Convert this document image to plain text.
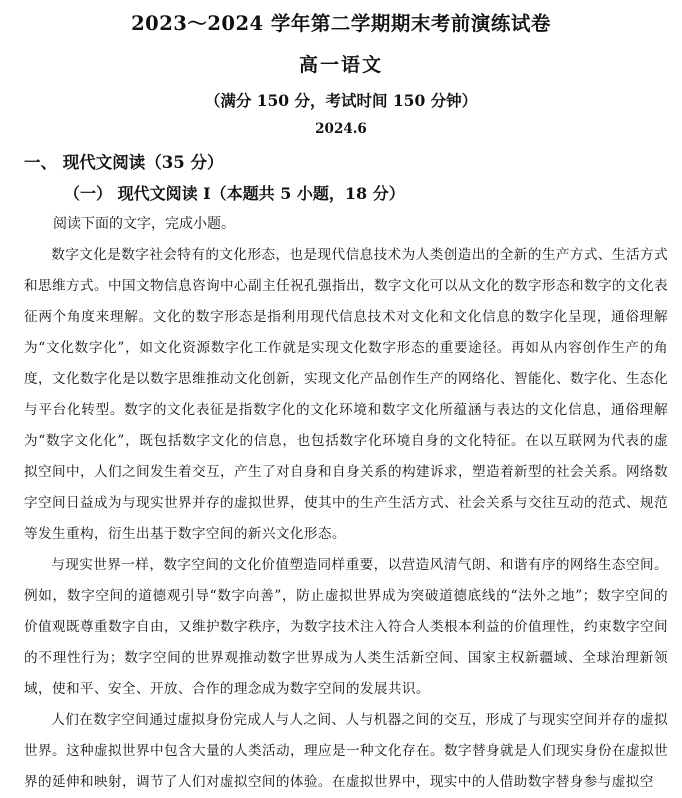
2023～2024 学年第二学期期末考前演练试卷
高一语文
（满分 150 分，考试时间 150 分钟）
2024.6
一、 现代文阅读（35 分）
（一） 现代文阅读 I（本题共 5 小题，18 分）
阅读下面的文字，完成小题。

数字文化是数字社会特有的文化形态，也是现代信息技术为人类创造出的全新的生产方式、生活方式和思维方式。中国文物信息咨询中心副主任祝孔强指出，数字文化可以从文化的数字形态和数字的文化表征两个角度来理解。文化的数字形态是指利用现代信息技术对文化和文化信息的数字化呈现，通俗理解为“文化数字化”，如文化资源数字化工作就是实现文化数字形态的重要途径。再如从内容创作生产的角度，文化数字化是以数字思维推动文化创新，实现文化产品创作生产的网络化、智能化、数字化、生态化与平台化转型。数字的文化表征是指数字化的文化环境和数字文化所蕴涵与表达的文化信息，通俗理解为“数字文化化”，既包括数字文化的信息，也包括数字化环境自身的文化特征。在以互联网为代表的虚拟空间中，人们之间发生着交互，产生了对自身和自身关系的构建诉求，塑造着新型的社会关系。网络数字空间日益成为与现实世界并存的虚拟世界，使其中的生产生活方式、社会关系与交往互动的范式、规范等发生重构，衍生出基于数字空间的新兴文化形态。

与现实世界一样，数字空间的文化价值塑造同样重要，以营造风清气朗、和谐有序的网络生态空间。例如，数字空间的道德观引导“数字向善”，防止虚拟世界成为突破道德底线的“法外之地”；数字空间的价值观既尊重数字自由，又维护数字秩序，为数字技术注入符合人类根本利益的价值理性，约束数字空间的不理性行为；数字空间的世界观推动数字世界成为人类生活新空间、国家主权新疆域、全球治理新领域，使和平、安全、开放、合作的理念成为数字空间的发展共识。

人们在数字空间通过虚拟身份完成人与人之间、人与机器之间的交互，形成了与现实空间并存的虚拟世界。这种虚拟世界中包含大量的人类活动，理应是一种文化存在。数字替身就是人们现实身份在虚拟世界的延伸和映射，调节了人们对虚拟空间的体验。在虚拟世界中，现实中的人借助数字替身参与虚拟空
